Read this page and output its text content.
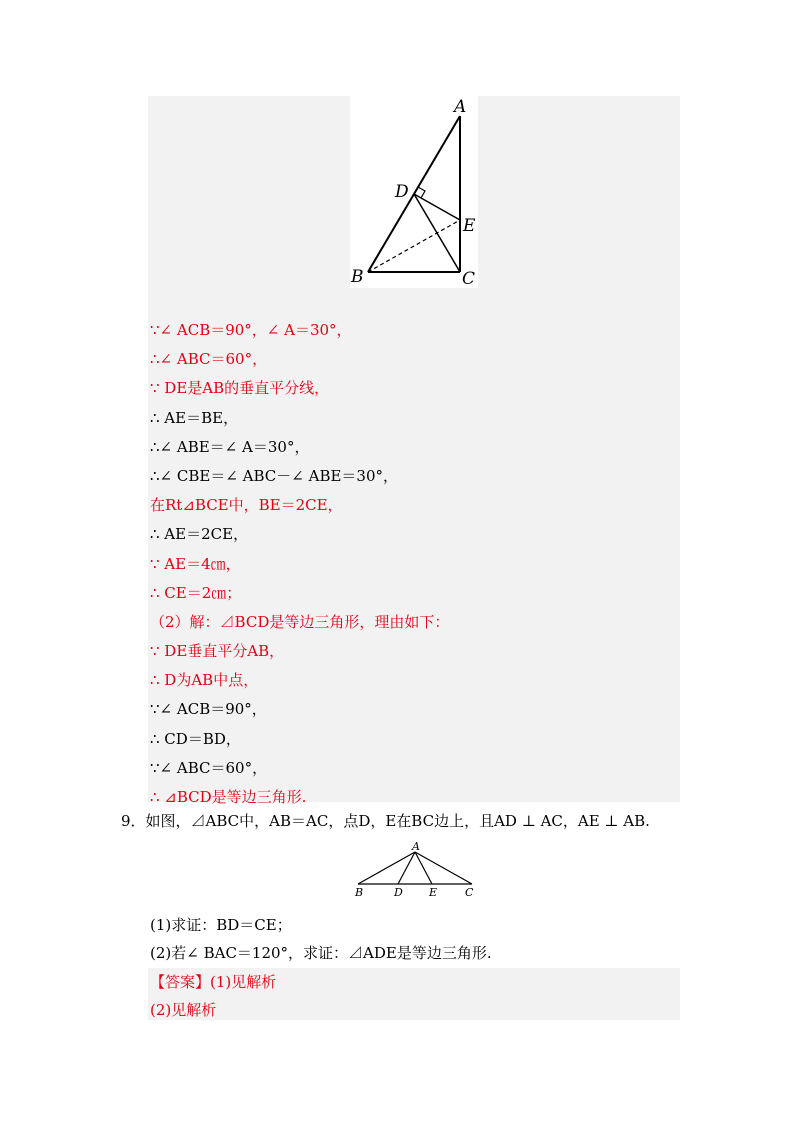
A
D
E
B	C
∵∠ ACB＝90°，∠ A＝30°，
∴∠ ABC＝60°，
∵ DE是AB的垂直平分线，
∴ AE＝BE，
∴∠ ABE＝∠ A＝30°，
∴∠ CBE＝∠ ABC－∠ ABE＝30°，
在Rt⊿BCE中，BE＝2CE，
∴ AE＝2CE，
∵ AE＝4㎝，
∴ CE＝2㎝；
（2）解：⊿BCD是等边三角形，理由如下：
∵ DE垂直平分AB，
∴ D为AB中点，
∵∠ ACB＝90°，
∴ CD＝BD，
∵∠ ABC＝60°，
∴ ⊿BCD是等边三角形.
9．如图，⊿ABC中，AB＝AC，点D，E在BC边上，且AD ⊥ AC，AE ⊥ AB.
A
B	D E	C
(1)求证：BD＝CE；
(2)若∠ BAC＝120°，求证：⊿ADE是等边三角形.
【答案】(1)见解析
(2)见解析
